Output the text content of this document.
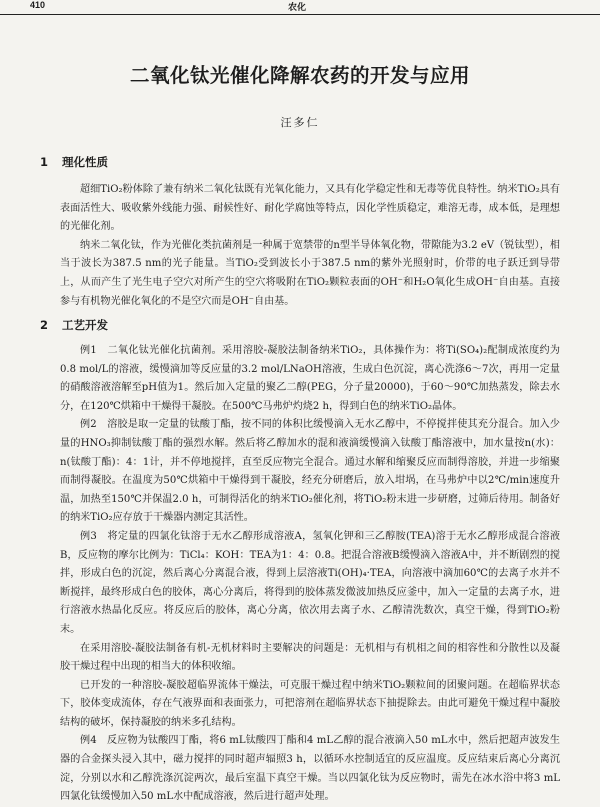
410	农化
二氧化钛光催化降解农药的开发与应用
汪多仁
1 理化性质

超细TiO₂粉体除了兼有纳米二氧化钛既有光氧化能力，又具有化学稳定性和无毒等优良特性。纳米TiO₂具有表面活性大、吸收紫外线能力强、耐候性好、耐化学腐蚀等特点，因化学性质稳定，难溶无毒，成本低，是理想的光催化剂。

纳米二氧化钛，作为光催化类抗菌剂是一种属于宽禁带的n型半导体氧化物，带隙能为3.2 eV（锐钛型），相当于波长为387.5 nm的光子能量。当TiO₂受到波长小于387.5 nm的紫外光照射时，价带的电子跃迁到导带上，从而产生了光生电子空穴对所产生的空穴将吸附在TiO₂颗粒表面的OH⁻和H₂O氧化生成OH⁻自由基。直接参与有机物光催化氧化的不是空穴而是OH⁻自由基。

2 工艺开发

例1　二氧化钛光催化抗菌剂。采用溶胶-凝胶法制备纳米TiO₂，具体操作为：将Ti(SO₄)₂配制成浓度约为0.8 mol/L的溶液，缓慢滴加等反应量的3.2 mol/LNaOH溶液，生成白色沉淀，离心洗涤6～7次，再用一定量的硝酸溶液溶解至pH值为1。然后加入定量的聚乙二醇(PEG，分子量20000)，于60～90℃加热蒸发，除去水分，在120℃烘箱中干燥得干凝胶。在500℃马弗炉灼烧2 h，得到白色的纳米TiO₂晶体。

例2　溶胶是取一定量的钛酸丁酯，按不同的体积比缓慢滴入无水乙醇中，不停搅拌使其充分混合。加入少量的HNO₃抑制钛酸丁酯的强烈水解。然后将乙醇加水的混和液滴缓慢滴入钛酸丁酯溶液中，加水量按n(水)：n(钛酸丁酯)：4：1计，并不停地搅拌，直至反应物完全混合。通过水解和缩聚反应而制得溶胶，并进一步缩聚而制得凝胶。在温度为50℃烘箱中干燥得到干凝胶，经充分研磨后，放入坩埚，在马弗炉中以2℃/min速度升温，加热至150℃并保温2.0 h，可制得活化的纳米TiO₂催化剂，将TiO₂粉末进一步研磨，过筛后待用。制备好的纳米TiO₂应存放于干燥器内测定其活性。

例3　将定量的四氯化钛溶于无水乙醇形成溶液A，氢氧化钾和三乙醇胺(TEA)溶于无水乙醇形成混合溶液B，反应物的摩尔比例为：TiCl₄：KOH：TEA为1：4：0.8。把混合溶液B缓慢滴入溶液A中，并不断剧烈的搅拌，形成白色的沉淀，然后离心分离混合液，得到上层溶液Ti(OH)₄·TEA，向溶液中滴加60℃的去离子水并不断搅拌，最终形成白色的胶体，离心分离后，将得到的胶体蒸发微波加热反应釜中，加入一定量的去离子水，进行溶液水热晶化反应。将反应后的胶体，离心分离，依次用去离子水、乙醇清洗数次，真空干燥，得到TiO₂粉末。

在采用溶胶-凝胶法制备有机-无机材料时主要解决的问题是：无机相与有机相之间的相容性和分散性以及凝胶干燥过程中出现的相当大的体积收缩。

已开发的一种溶胶-凝胶超临界流体干燥法，可克服干燥过程中纳米TiO₂颗粒间的团聚问题。在超临界状态下，胶体变成流体，存在气液界面和表面张力，可把溶剂在超临界状态下抽提除去。由此可避免干燥过程中凝胶结构的破坏，保持凝胶的纳米多孔结构。

例4　反应物为钛酸四丁酯，将6 mL钛酸四丁酯和4 mL乙醇的混合液滴入50 mL水中，然后把超声波发生器的合金探头浸入其中，磁力搅拌的同时超声辐照3 h，以循环水控制适宜的反应温度。反应结束后离心分离沉淀，分别以水和乙醇洗涤沉淀两次，最后室温下真空干燥。当以四氯化钛为反应物时，需先在冰水浴中将3 mL四氯化钛缓慢加入50 mL水中配成溶液，然后进行超声处理。
